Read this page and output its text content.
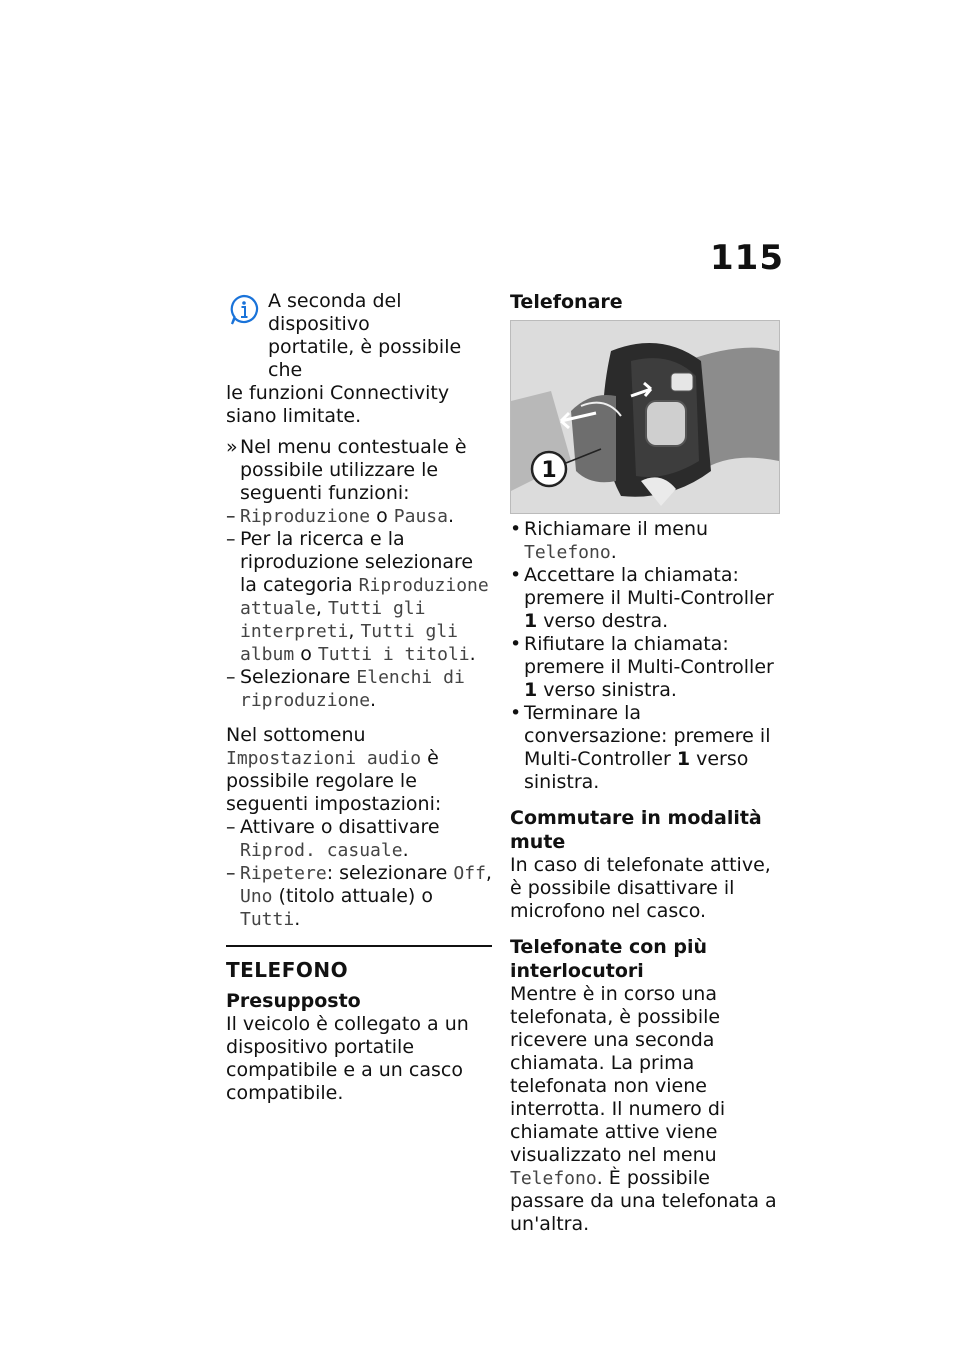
115
A seconda del dispositivo
portatile, è possibile che
le funzioni Connectivity siano limitate.
» Nel menu contestuale è possibile utilizzare le seguenti funzioni:
– Riproduzione o Pausa.
– Per la ricerca e la riproduzione selezionare la categoria Riproduzione attuale, Tutti gli interpreti, Tutti gli album o Tutti i titoli.
– Selezionare Elenchi di riproduzione.

Nel sottomenu Impostazioni audio è possibile regolare le seguenti impostazioni:

– Attivare o disattivare Riprod. casuale.
– Ripetere: selezionare Off, Uno (titolo attuale) o Tutti.
TELEFONO
Presupposto

Il veicolo è collegato a un dispositivo portatile compatibile e a un casco compatibile.

Telefonare
1
• Richiamare il menu Telefono.
• Accettare la chiamata: premere il Multi-Controller 1 verso destra.
• Rifiutare la chiamata: premere il Multi-Controller 1 verso sinistra.
• Terminare la conversazione: premere il Multi-Controller 1 verso sinistra.
Commutare in modalità mute

In caso di telefonate attive, è possibile disattivare il microfono nel casco.

Telefonate con più interlocutori

Mentre è in corso una telefonata, è possibile ricevere una seconda chiamata. La prima telefonata non viene interrotta. Il numero di chiamate attive viene visualizzato nel menu Telefono. È possibile passare da una telefonata a un'altra.
